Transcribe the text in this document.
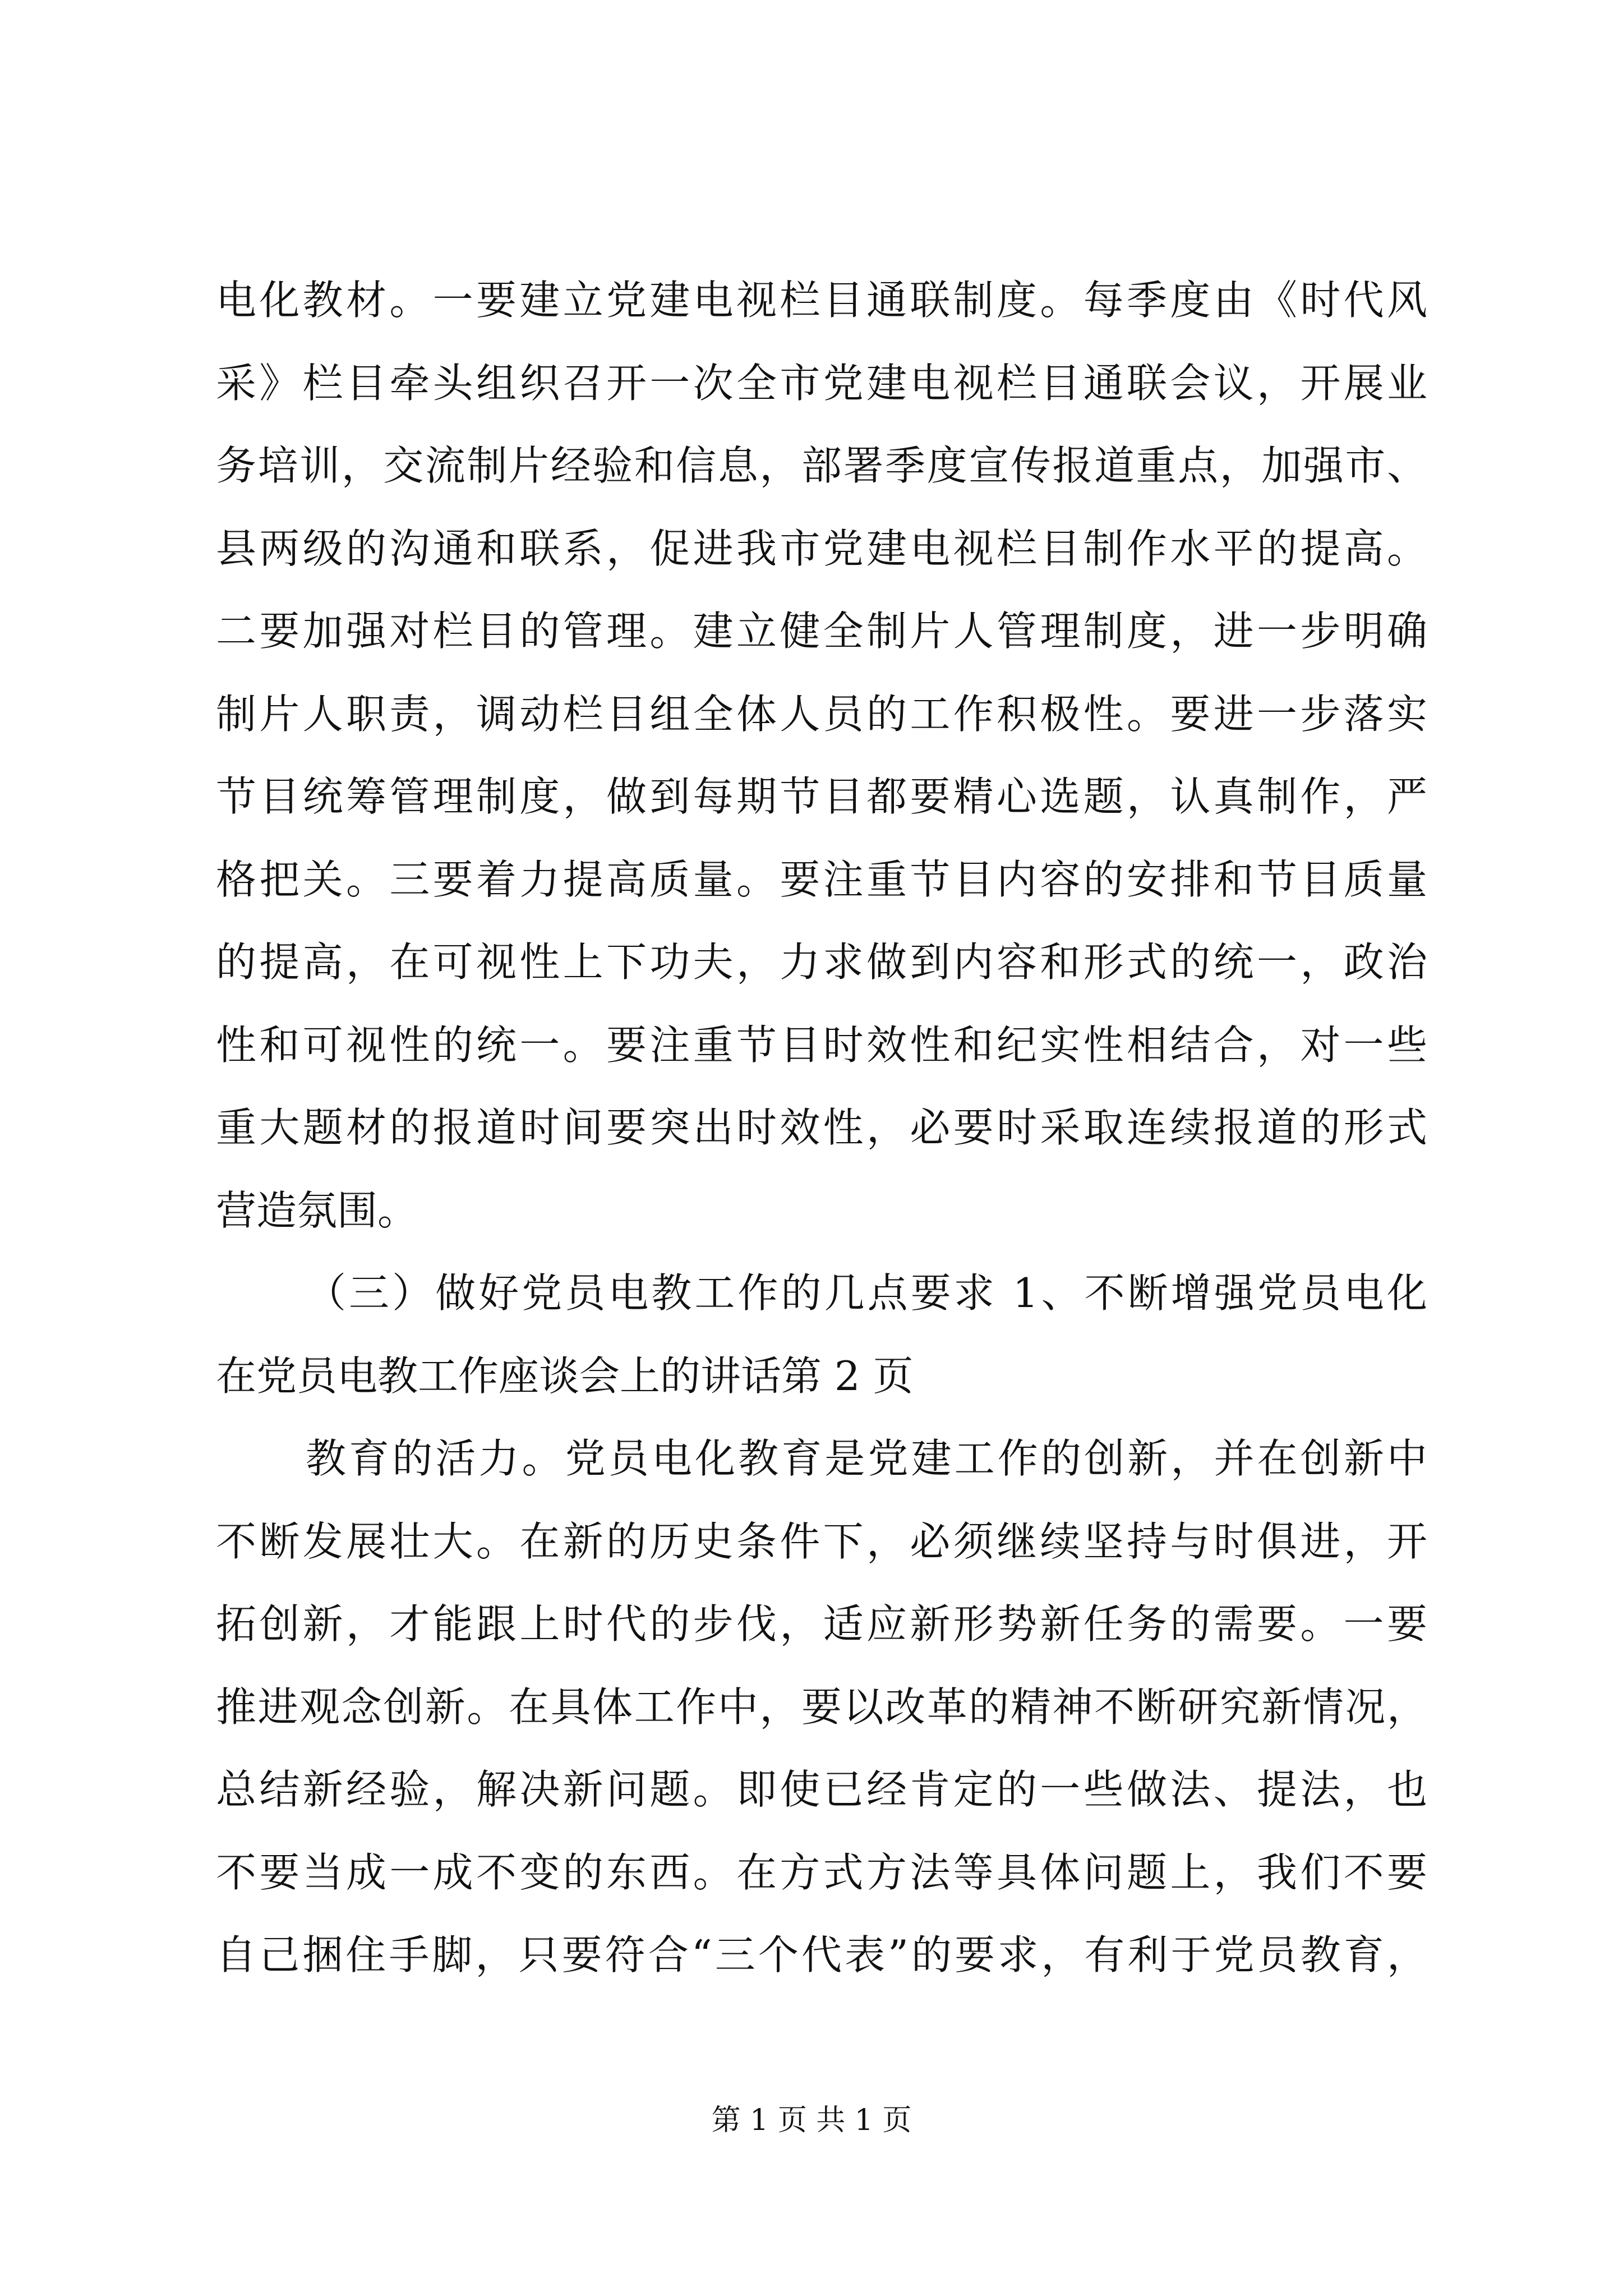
电化教材。一要建立党建电视栏目通联制度。每季度由《时代风
采》栏目牵头组织召开一次全市党建电视栏目通联会议，开展业
务培训，交流制片经验和信息，部署季度宣传报道重点，加强市、
县两级的沟通和联系，促进我市党建电视栏目制作水平的提高。
二要加强对栏目的管理。建立健全制片人管理制度，进一步明确
制片人职责，调动栏目组全体人员的工作积极性。要进一步落实
节目统筹管理制度，做到每期节目都要精心选题，认真制作，严
格把关。三要着力提高质量。要注重节目内容的安排和节目质量
的提高，在可视性上下功夫，力求做到内容和形式的统一，政治
性和可视性的统一。要注重节目时效性和纪实性相结合，对一些
重大题材的报道时间要突出时效性，必要时采取连续报道的形式
营造氛围。
（三）做好党员电教工作的几点要求 1、不断增强党员电化
在党员电教工作座谈会上的讲话第 2 页
教育的活力。党员电化教育是党建工作的创新，并在创新中
不断发展壮大。在新的历史条件下，必须继续坚持与时俱进，开
拓创新，才能跟上时代的步伐，适应新形势新任务的需要。一要
推进观念创新。在具体工作中，要以改革的精神不断研究新情况，
总结新经验，解决新问题。即使已经肯定的一些做法、提法，也
不要当成一成不变的东西。在方式方法等具体问题上，我们不要
自己捆住手脚，只要符合“三个代表”的要求，有利于党员教育，
第 1 页 共 1 页
